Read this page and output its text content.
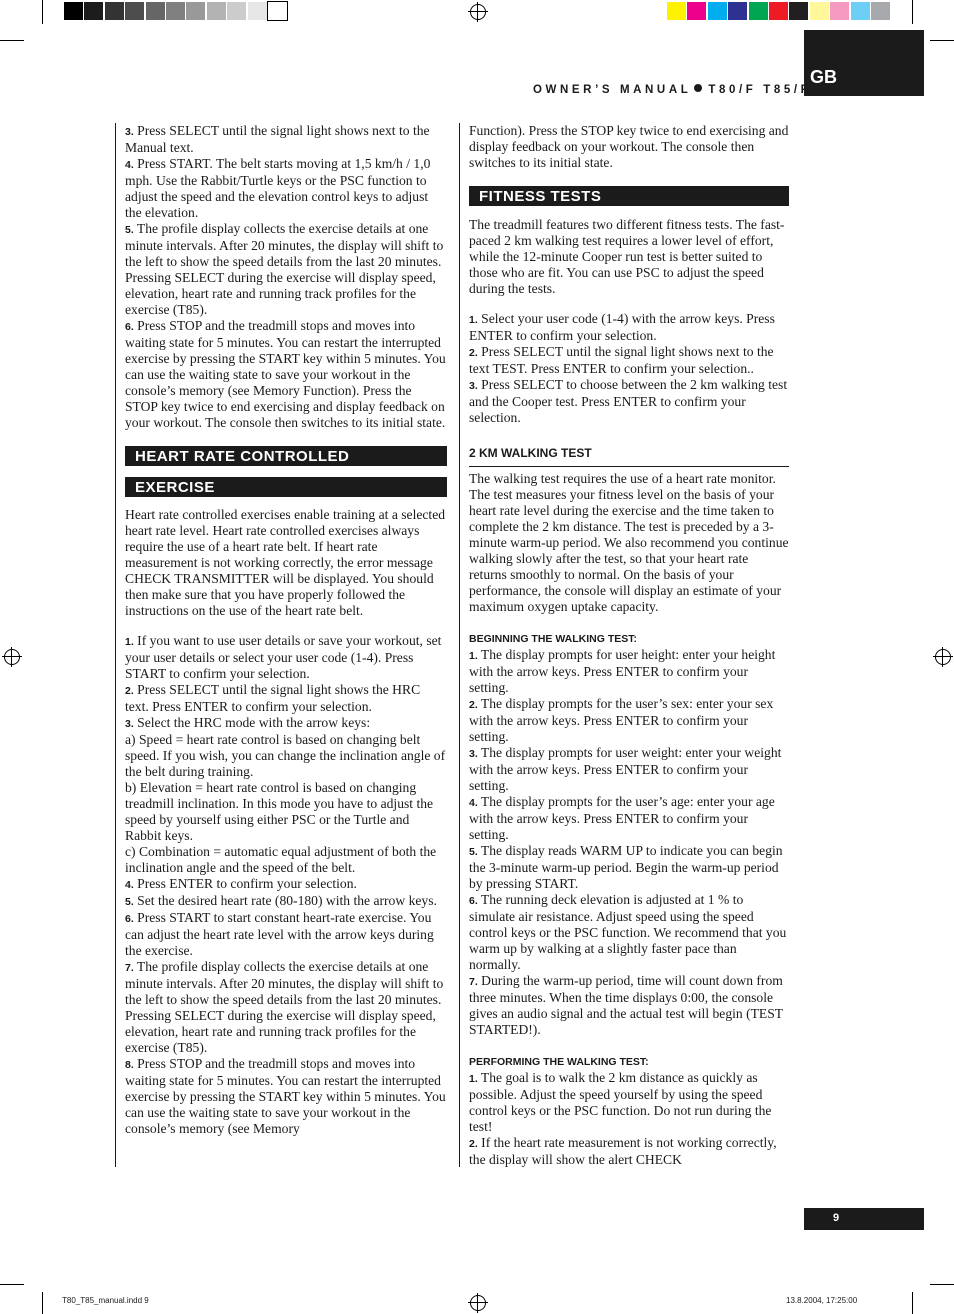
GB
OWNER’S MANUAL T80/F T85/F

3. Press SELECT until the signal light shows next to the Manual text.

4. Press START. The belt starts moving at 1,5 km/h / 1,0 mph. Use the Rabbit/Turtle keys or the PSC function to adjust the speed and the elevation control keys to adjust the elevation.

5. The profile display collects the exercise details at one minute intervals. After 20 minutes, the display will shift to the left to show the speed details from the last 20 minutes. Pressing SELECT during the exercise will display speed, elevation, heart rate and running track profiles for the exercise (T85).

6. Press STOP and the treadmill stops and moves into waiting state for 5 minutes. You can restart the interrupted exercise by pressing the START key within 5 minutes. You can use the waiting state to save your workout in the console’s memory (see Memory Function). Press the STOP key twice to end exercising and display feedback on your workout. The console then switches to its initial state.

HEART RATE CONTROLLED
EXERCISE

Heart rate controlled exercises enable training at a selected heart rate level. Heart rate controlled exercises always require the use of a heart rate belt. If heart rate measurement is not working correctly, the error message CHECK TRANSMITTER will be displayed. You should then make sure that you have properly followed the instructions on the use of the heart rate belt.

1. If you want to use user details or save your workout, set your user details or select your user code (1-4). Press START to confirm your selection.

2. Press SELECT until the signal light shows the HRC text. Press ENTER to confirm your selection.

3. Select the HRC mode with the arrow keys:

a) Speed = heart rate control is based on changing belt speed. If you wish, you can change the inclination angle of the belt during training.

b) Elevation = heart rate control is based on changing treadmill inclination. In this mode you have to adjust the speed by yourself using either PSC or the Turtle and Rabbit keys.

c) Combination = automatic equal adjustment of both the inclination angle and the speed of the belt.

4. Press ENTER to confirm your selection.

5. Set the desired heart rate (80-180) with the arrow keys.

6. Press START to start constant heart-rate exercise. You can adjust the heart rate level with the arrow keys during the exercise.

7. The profile display collects the exercise details at one minute intervals. After 20 minutes, the display will shift to the left to show the speed details from the last 20 minutes. Pressing SELECT during the exercise will display speed, elevation, heart rate and running track profiles for the exercise (T85).

8. Press STOP and the treadmill stops and moves into waiting state for 5 minutes. You can restart the interrupted exercise by pressing the START key within 5 minutes. You can use the waiting state to save your workout in the console’s memory (see Memory

Function). Press the STOP key twice to end exercising and display feedback on your workout. The console then switches to its initial state.

FITNESS TESTS

The treadmill features two different fitness tests. The fast-paced 2 km walking test requires a lower level of effort, while the 12-minute Cooper run test is better suited to those who are fit. You can use PSC to adjust the speed during the tests.

1. Select your user code (1-4) with the arrow keys. Press ENTER to confirm your selection.

2. Press SELECT until the signal light shows next to the text TEST. Press ENTER to confirm your selection..

3. Press SELECT to choose between the 2 km walking test and the Cooper test. Press ENTER to confirm your selection.

2 KM WALKING TEST

The walking test requires the use of a heart rate monitor. The test measures your fitness level on the basis of your heart rate level during the exercise and the time taken to complete the 2 km distance. The test is preceded by a 3-minute warm-up period. We also recommend you continue walking slowly after the test, so that your heart rate returns smoothly to normal. On the basis of your performance, the console will display an estimate of your maximum oxygen uptake capacity.

BEGINNING THE WALKING TEST:

1. The display prompts for user height: enter your height with the arrow keys. Press ENTER to confirm your setting.

2. The display prompts for the user’s sex: enter your sex with the arrow keys. Press ENTER to confirm your setting.

3. The display prompts for user weight: enter your weight with the arrow keys. Press ENTER to confirm your setting.

4. The display prompts for the user’s age: enter your age with the arrow keys. Press ENTER to confirm your setting.

5. The display reads WARM UP to indicate you can begin the 3-minute warm-up period. Begin the warm-up period by pressing START.

6. The running deck elevation is adjusted at 1 % to simulate air resistance. Adjust speed using the speed control keys or the PSC function. We recommend that you warm up by walking at a slightly faster pace than normally.

7. During the warm-up period, time will count down from three minutes. When the time displays 0:00, the console gives an audio signal and the actual test will begin (TEST STARTED!).

PERFORMING THE WALKING TEST:

1. The goal is to walk the 2 km distance as quickly as possible. Adjust the speed yourself by using the speed control keys or the PSC function. Do not run during the test!

2. If the heart rate measurement is not working correctly, the display will show the alert CHECK

9
T80_T85_manual.indd 9	13.8.2004, 17:25:00
